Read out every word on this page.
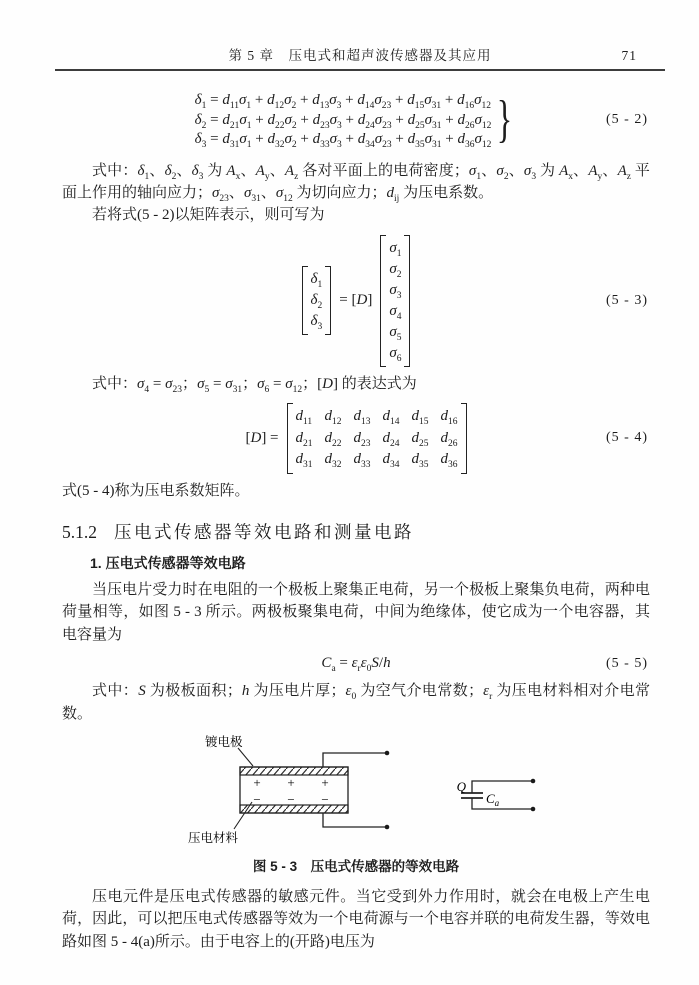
第 5 章　压电式和超声波传感器及其应用	71
$\delta_1 = d_{11}\sigma_1 + d_{12}\sigma_2 + d_{13}\sigma_3 + d_{14}\sigma_{23} + d_{15}\sigma_{31} + d_{16}\sigma_{12}$
$\delta_2 = d_{21}\sigma_1 + d_{22}\sigma_2 + d_{23}\sigma_3 + d_{24}\sigma_{23} + d_{25}\sigma_{31} + d_{26}\sigma_{12}$
$\delta_3 = d_{31}\sigma_1 + d_{32}\sigma_2 + d_{33}\sigma_3 + d_{34}\sigma_{23} + d_{35}\sigma_{31} + d_{36}\sigma_{12}$ }	(5 - 2)

式中：$\delta_1$、$\delta_2$、$\delta_3$ 为 $A_x$、$A_y$、$A_z$ 各对平面上的电荷密度；$\sigma_1$、$\sigma_2$、$\sigma_3$ 为 $A_x$、$A_y$、$A_z$ 平面上作用的轴向应力；$\sigma_{23}$、$\sigma_{31}$、$\sigma_{12}$ 为切向应力；$d_{ij}$ 为压电系数。

若将式(5 - 2)以矩阵表示，则可写为

$\delta_1$
$\delta_2$
$\delta_3$
= [D]
$\sigma_1$
$\sigma_2$
$\sigma_3$
$\sigma_4$
$\sigma_5$
$\sigma_6$
(5 - 3)

式中：$\sigma_4 = \sigma_{23}$；$\sigma_5 = \sigma_{31}$；$\sigma_6 = \sigma_{12}$；[D] 的表达式为

[D] =
$d_{11}$ $d_{12}$ $d_{13}$ $d_{14}$ $d_{15}$ $d_{16}$
$d_{21}$ $d_{22}$ $d_{23}$ $d_{24}$ $d_{25}$ $d_{26}$
$d_{31}$ $d_{32}$ $d_{33}$ $d_{34}$ $d_{35}$ $d_{36}$
(5 - 4)

式(5 - 4)称为压电系数矩阵。

5.1.2 压电式传感器等效电路和测量电路
1. 压电式传感器等效电路

当压电片受力时在电阻的一个极板上聚集正电荷，另一个极板上聚集负电荷，两种电荷量相等，如图 5 - 3 所示。两极板聚集电荷，中间为绝缘体，使它成为一个电容器，其电容量为

$C_a = \varepsilon_r\varepsilon_0S/h$	(5 - 5)

式中：S 为极板面积；h 为压电片厚；$\varepsilon_0$ 为空气介电常数；$\varepsilon_r$ 为压电材料相对介电常数。

+ + +
− − −
镀电极
压电材料
Q
$C_a$
图 5 - 3　压电式传感器的等效电路

压电元件是压电式传感器的敏感元件。当它受到外力作用时，就会在电极上产生电荷，因此，可以把压电式传感器等效为一个电荷源与一个电容并联的电荷发生器，等效电路如图 5 - 4(a)所示。由于电容上的(开路)电压为
